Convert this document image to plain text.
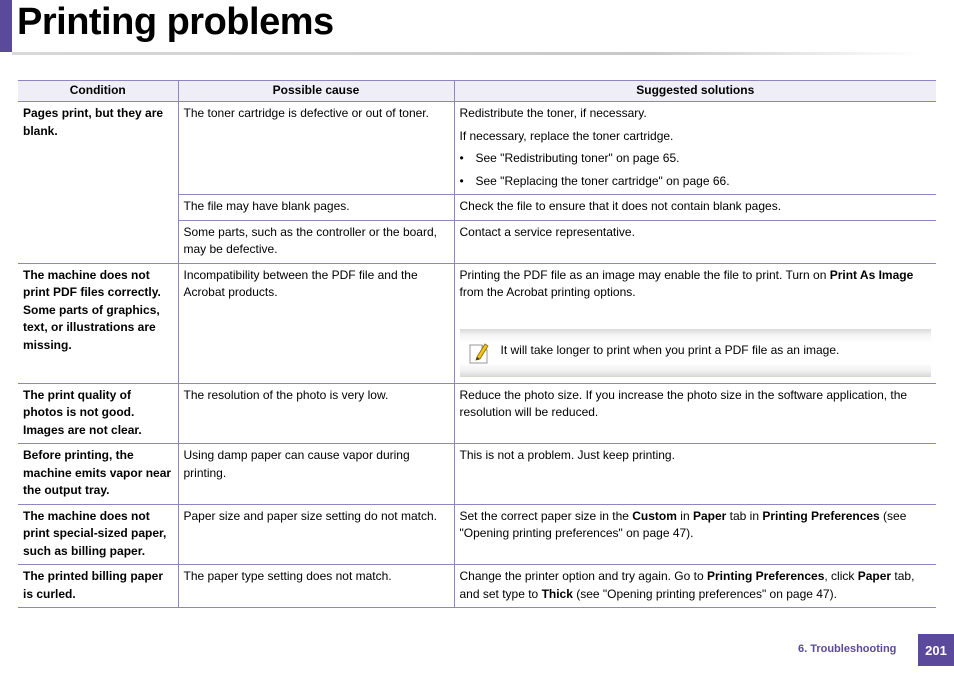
Printing problems
Condition	Possible cause	Suggested solutions
Pages print, but they are blank.	The toner cartridge is defective or out of toner.	Redistribute the toner, if necessary.

If necessary, replace the toner cartridge.

• See "Redistributing toner" on page 65.

• See "Replacing the toner cartridge" on page 66.

	The file may have blank pages.	Check the file to ensure that it does not contain blank pages.
	Some parts, such as the controller or the board, may be defective.	Contact a service representative.
The machine does not print PDF files correctly. Some parts of graphics, text, or illustrations are missing.	Incompatibility between the PDF file and the Acrobat products.	Printing the PDF file as an image may enable the file to print. Turn on Print As Image from the Acrobat printing options.
It will take longer to print when you print a PDF file as an image.

The print quality of photos is not good. Images are not clear.	The resolution of the photo is very low.	Reduce the photo size. If you increase the photo size in the software application, the resolution will be reduced.
Before printing, the machine emits vapor near the output tray.	Using damp paper can cause vapor during printing.	This is not a problem. Just keep printing.
The machine does not print special-sized paper, such as billing paper.	Paper size and paper size setting do not match.	Set the correct paper size in the Custom in Paper tab in Printing Preferences (see "Opening printing preferences" on page 47).
The printed billing paper is curled.	The paper type setting does not match.	Change the printer option and try again. Go to Printing Preferences, click Paper tab, and set type to Thick (see "Opening printing preferences" on page 47).
6. Troubleshooting	201
